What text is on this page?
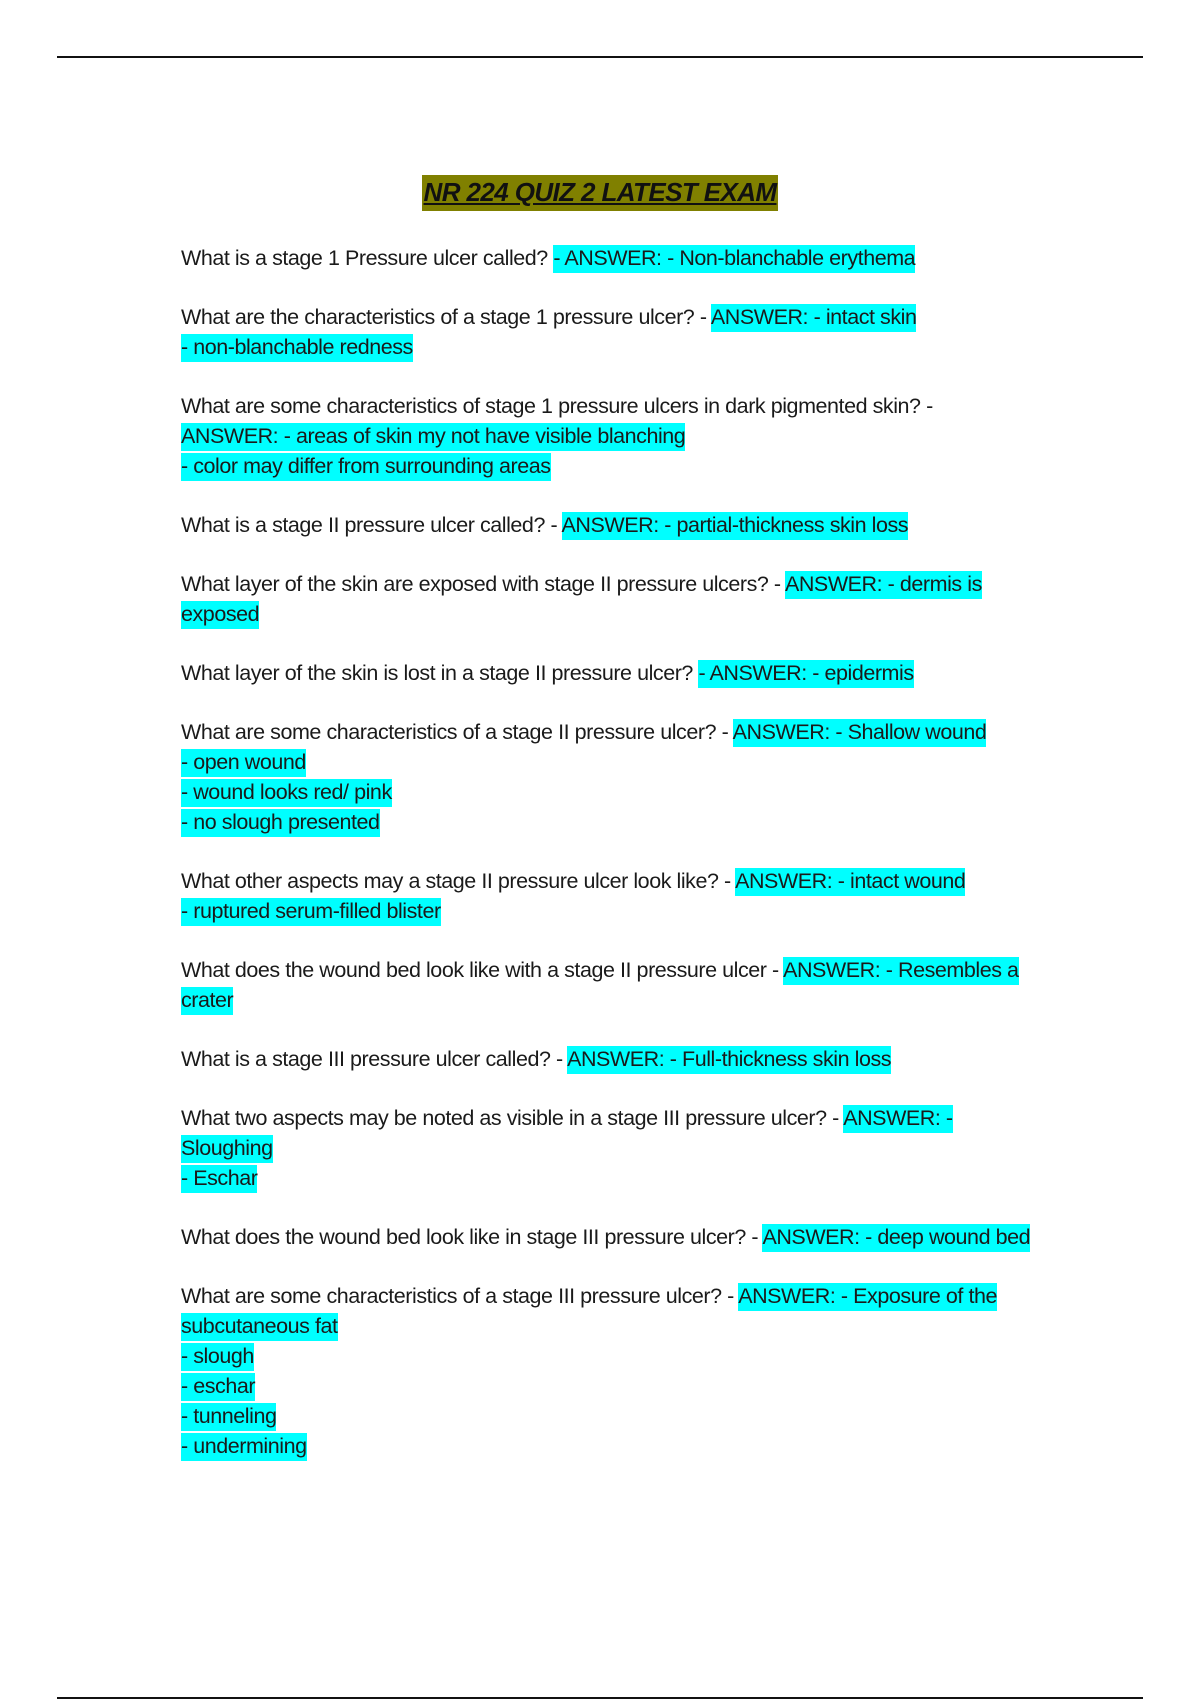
NR 224 QUIZ 2 LATEST EXAM
What is a stage 1 Pressure ulcer called? - ANSWER: - Non-blanchable erythema
What are the characteristics of a stage 1 pressure ulcer? - ANSWER: - intact skin
- non-blanchable redness
What are some characteristics of stage 1 pressure ulcers in dark pigmented skin? - ANSWER: - areas of skin my not have visible blanching
- color may differ from surrounding areas
What is a stage II pressure ulcer called? - ANSWER: - partial-thickness skin loss
What layer of the skin are exposed with stage II pressure ulcers? - ANSWER: - dermis is exposed
What layer of the skin is lost in a stage II pressure ulcer? - ANSWER: - epidermis
What are some characteristics of a stage II pressure ulcer? - ANSWER: - Shallow wound
- open wound
- wound looks red/ pink
- no slough presented
What other aspects may a stage II pressure ulcer look like? - ANSWER: - intact wound
- ruptured serum-filled blister
What does the wound bed look like with a stage II pressure ulcer - ANSWER: - Resembles a crater
What is a stage III pressure ulcer called? - ANSWER: - Full-thickness skin loss
What two aspects may be noted as visible in a stage III pressure ulcer? - ANSWER: - Sloughing
- Eschar
What does the wound bed look like in stage III pressure ulcer? - ANSWER: - deep wound bed
What are some characteristics of a stage III pressure ulcer? - ANSWER: - Exposure of the subcutaneous fat
- slough
- eschar
- tunneling
- undermining
